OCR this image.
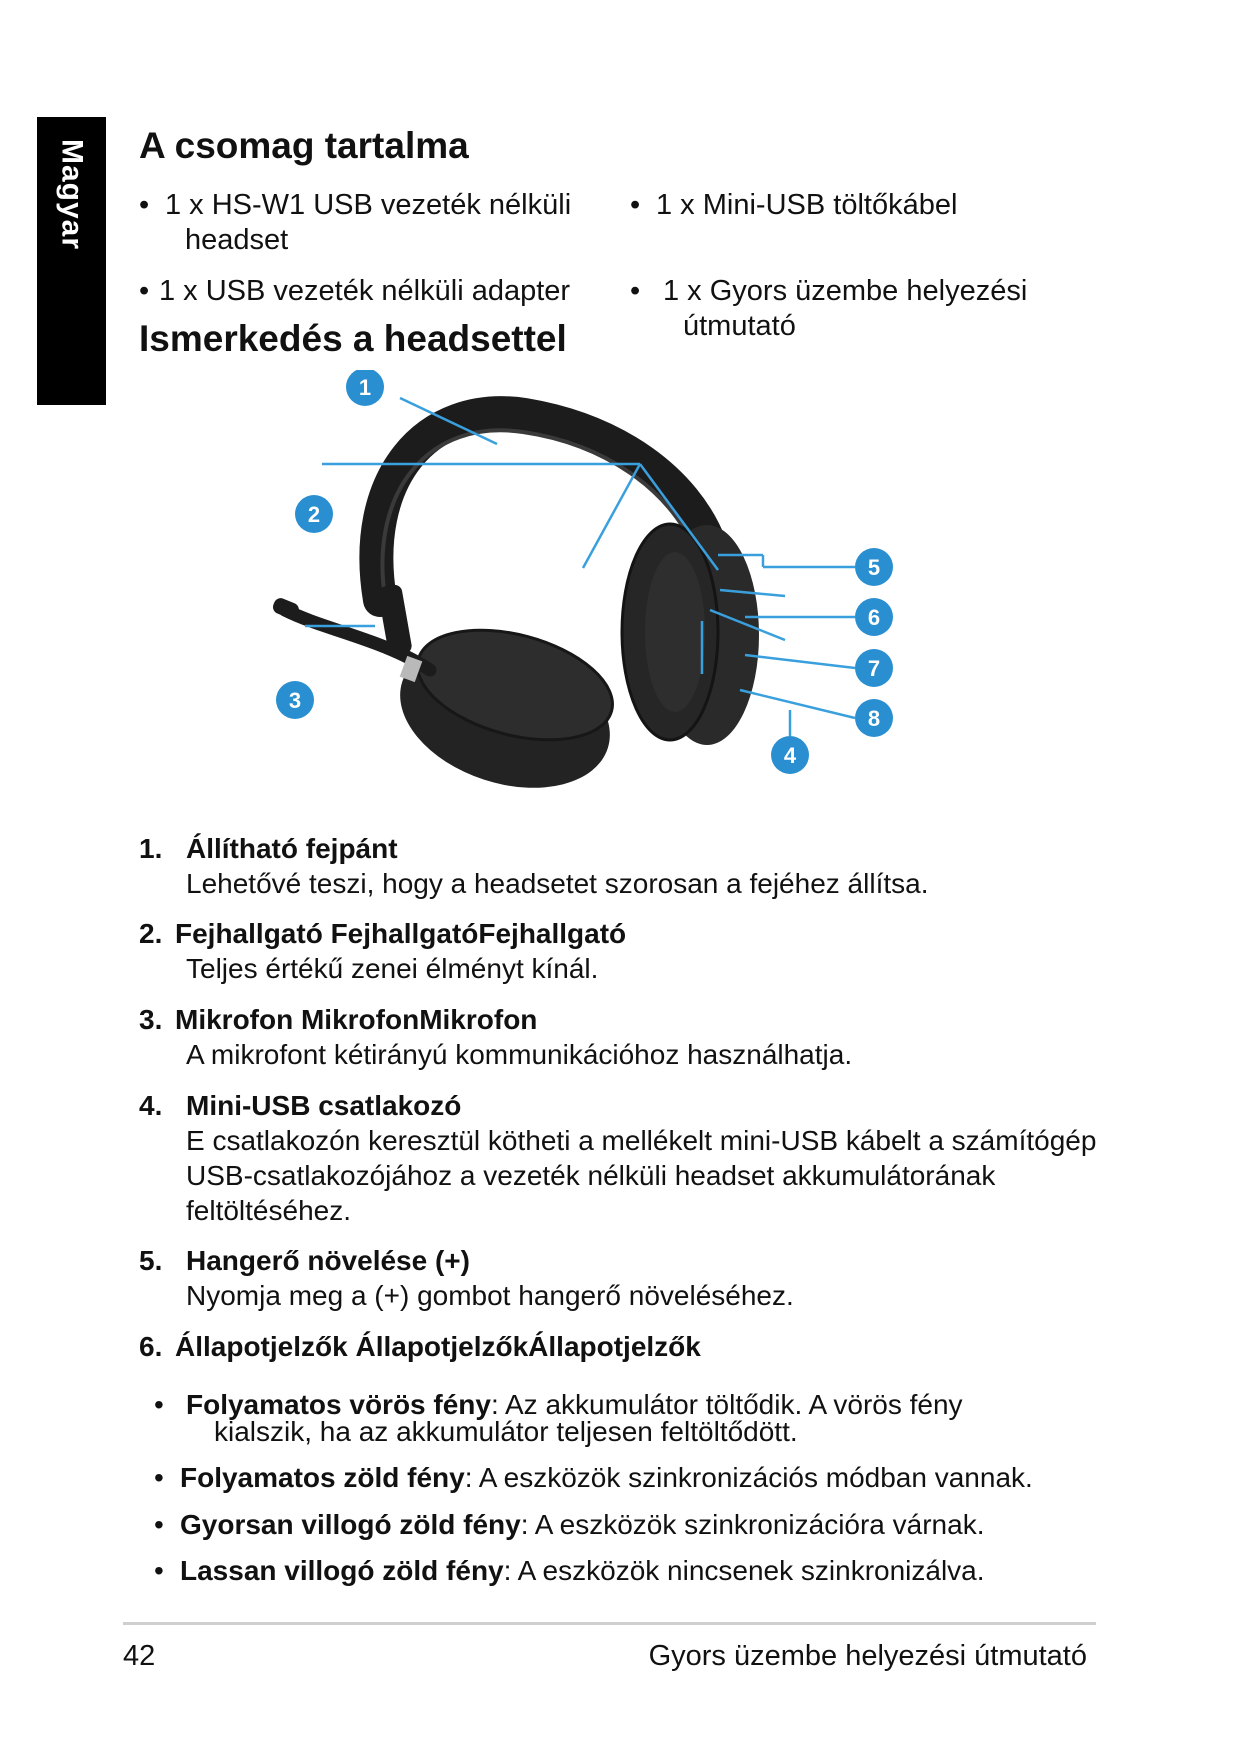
Magyar A csomag tartalma
• 1 x HS-W1 USB vezeték nélküli
headset
• 1 x Mini-USB töltőkábel
• 1 x USB vezeték nélküli adapter	• 1 x Gyors üzembe helyezési
útmutató
Ismerkedés a headsettel
1
2
3
4
5
6
7
8
1. Állítható fejpánt
Lehetővé teszi, hogy a headsetet szorosan a fejéhez állítsa.
2. Fejhallgató FejhallgatóFejhallgató
Teljes értékű zenei élményt kínál.
3. Mikrofon MikrofonMikrofon
A mikrofont kétirányú kommunikációhoz használhatja.
4. Mini-USB csatlakozó
E csatlakozón keresztül kötheti a mellékelt mini-USB kábelt a számítógép
USB-csatlakozójához a vezeték nélküli headset akkumulátorának
feltöltéséhez.
5. Hangerő növelése (+)
Nyomja meg a (+) gombot hangerő növeléséhez.
6. Állapotjelzők ÁllapotjelzőkÁllapotjelzők
• Folyamatos vörös fény: Az akkumulátor töltődik. A vörös fény
kialszik, ha az akkumulátor teljesen feltöltődött.
• Folyamatos zöld fény: A eszközök szinkronizációs módban vannak.
• Gyorsan villogó zöld fény: A eszközök szinkronizációra várnak.
• Lassan villogó zöld fény: A eszközök nincsenek szinkronizálva.
42	Gyors üzembe helyezési útmutató
